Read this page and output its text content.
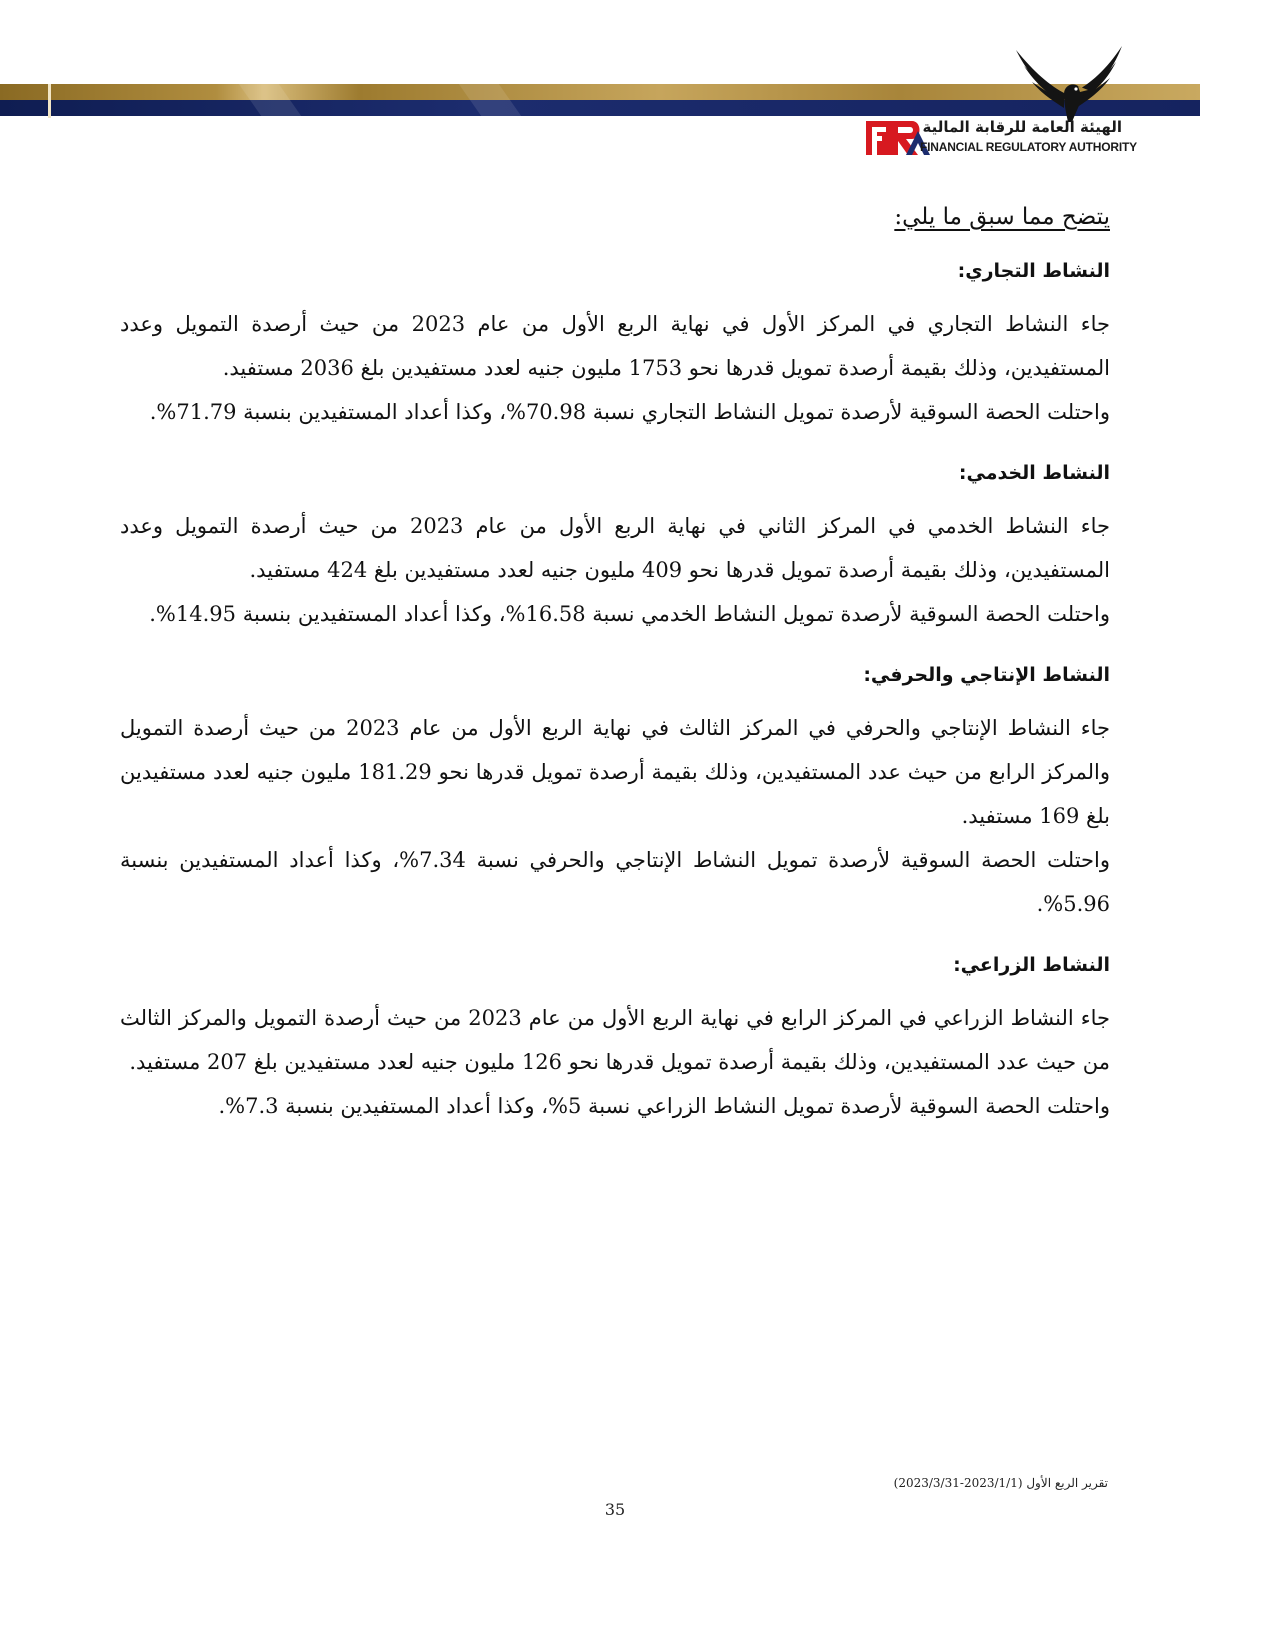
الهيئة العامة للرقابة المالية
FINANCIAL REGULATORY AUTHORITY

يتضح مما سبق ما يلي:

النشاط التجاري:

جاء النشاط التجاري في المركز الأول في نهاية الربع الأول من عام 2023 من حيث أرصدة التمويل وعدد المستفيدين، وذلك بقيمة أرصدة تمويل قدرها نحو 1753 مليون جنيه لعدد مستفيدين بلغ 2036 مستفيد.

واحتلت الحصة السوقية لأرصدة تمويل النشاط التجاري نسبة 70.98%، وكذا أعداد المستفيدين بنسبة 71.79%.

النشاط الخدمي:

جاء النشاط الخدمي في المركز الثاني في نهاية الربع الأول من عام 2023 من حيث أرصدة التمويل وعدد المستفيدين، وذلك بقيمة أرصدة تمويل قدرها نحو 409 مليون جنيه لعدد مستفيدين بلغ 424 مستفيد.

واحتلت الحصة السوقية لأرصدة تمويل النشاط الخدمي نسبة 16.58%، وكذا أعداد المستفيدين بنسبة 14.95%.

النشاط الإنتاجي والحرفي:

جاء النشاط الإنتاجي والحرفي في المركز الثالث في نهاية الربع الأول من عام 2023 من حيث أرصدة التمويل والمركز الرابع من حيث عدد المستفيدين، وذلك بقيمة أرصدة تمويل قدرها نحو 181.29 مليون جنيه لعدد مستفيدين بلغ 169 مستفيد.

واحتلت الحصة السوقية لأرصدة تمويل النشاط الإنتاجي والحرفي نسبة 7.34%، وكذا أعداد المستفيدين بنسبة 5.96%.

النشاط الزراعي:

جاء النشاط الزراعي في المركز الرابع في نهاية الربع الأول من عام 2023 من حيث أرصدة التمويل والمركز الثالث من حيث عدد المستفيدين، وذلك بقيمة أرصدة تمويل قدرها نحو 126 مليون جنيه لعدد مستفيدين بلغ 207 مستفيد.

واحتلت الحصة السوقية لأرصدة تمويل النشاط الزراعي نسبة 5%، وكذا أعداد المستفيدين بنسبة 7.3%.

تقرير الربع الأول (2023/1/1-2023/3/31)
35
